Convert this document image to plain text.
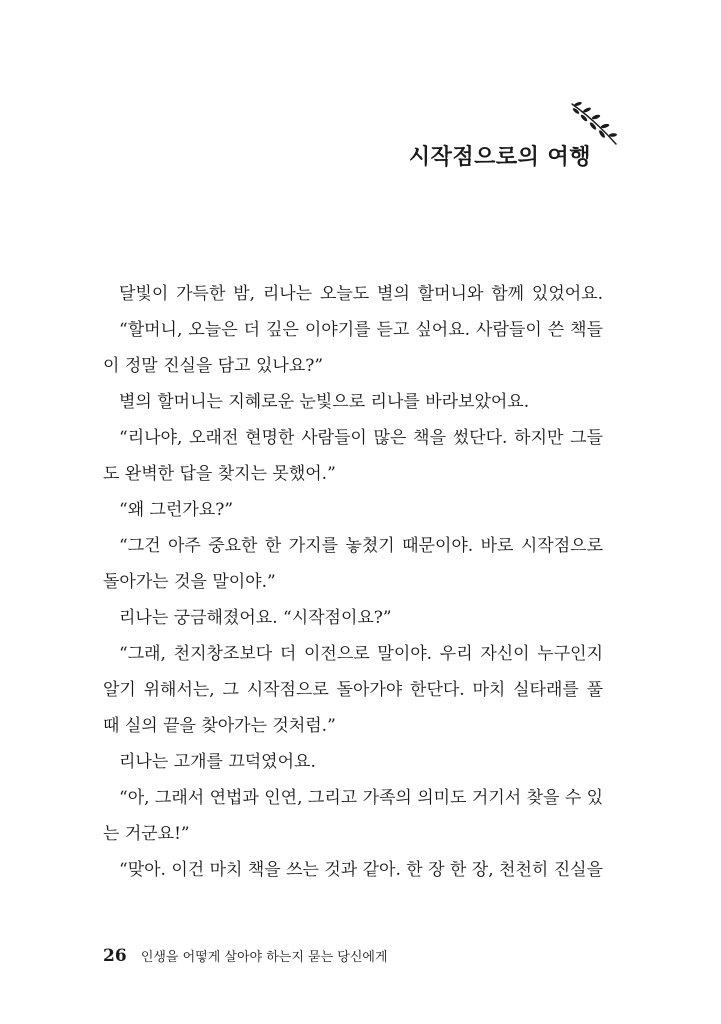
시작점으로의 여행
달빛이 가득한 밤, 리나는 오늘도 별의 할머니와 함께 있었어요.
“할머니, 오늘은 더 깊은 이야기를 듣고 싶어요. 사람들이 쓴 책들
이 정말 진실을 담고 있나요?”
별의 할머니는 지혜로운 눈빛으로 리나를 바라보았어요.
“리나야, 오래전 현명한 사람들이 많은 책을 썼단다. 하지만 그들
도 완벽한 답을 찾지는 못했어.”
“왜 그런가요?”
“그건 아주 중요한 한 가지를 놓쳤기 때문이야. 바로 시작점으로
돌아가는 것을 말이야.”
리나는 궁금해졌어요. “시작점이요?”
“그래, 천지창조보다 더 이전으로 말이야. 우리 자신이 누구인지
알기 위해서는, 그 시작점으로 돌아가야 한단다. 마치 실타래를 풀
때 실의 끝을 찾아가는 것처럼.”
리나는 고개를 끄덕였어요.
“아, 그래서 연법과 인연, 그리고 가족의 의미도 거기서 찾을 수 있
는 거군요!”
“맞아. 이건 마치 책을 쓰는 것과 같아. 한 장 한 장, 천천히 진실을
26 인생을 어떻게 살아야 하는지 묻는 당신에게
